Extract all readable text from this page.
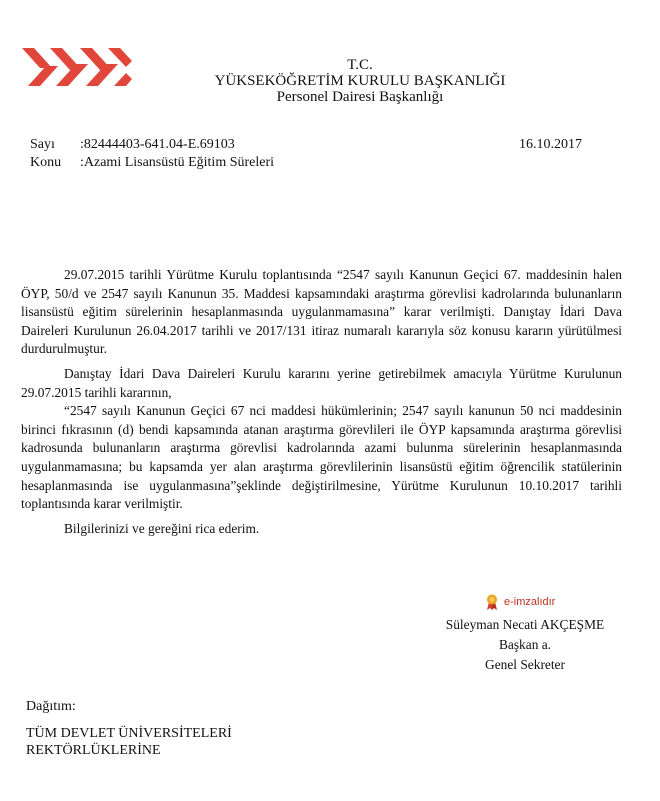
T.C.
YÜKSEKÖĞRETİM KURULU BAŞKANLIĞI
Personel Dairesi Başkanlığı
Sayı :82444403-641.04-E.69103
Konu :Azami Lisansüstü Eğitim Süreleri
16.10.2017

29.07.2015 tarihli Yürütme Kurulu toplantısında “2547 sayılı Kanunun Geçici 67. maddesinin halen ÖYP, 50/d ve 2547 sayılı Kanunun 35. Maddesi kapsamındaki araştırma görevlisi kadrolarında bulunanların lisansüstü eğitim sürelerinin hesaplanmasında uygulanmamasına” karar verilmişti. Danıştay İdari Dava Daireleri Kurulunun 26.04.2017 tarihli ve 2017/131 itiraz numaralı kararıyla söz konusu kararın yürütülmesi durdurulmuştur.

Danıştay İdari Dava Daireleri Kurulu kararını yerine getirebilmek amacıyla Yürütme Kurulunun 29.07.2015 tarihli kararının,

“2547 sayılı Kanunun Geçici 67 nci maddesi hükümlerinin; 2547 sayılı kanunun 50 nci maddesinin birinci fıkrasının (d) bendi kapsamında atanan araştırma görevlileri ile ÖYP kapsamında araştırma görevlisi kadrosunda bulunanların araştırma görevlisi kadrolarında azami bulunma sürelerinin hesaplanmasında uygulanmamasına; bu kapsamda yer alan araştırma görevlilerinin lisansüstü eğitim öğrencilik statülerinin hesaplanmasında ise uygulanmasına”şeklinde değiştirilmesine, Yürütme Kurulunun 10.10.2017 tarihli toplantısında karar verilmiştir.

Bilgilerinizi ve gereğini rica ederim.

e-imzalıdır
Süleyman Necati AKÇEŞME
Başkan a.
Genel Sekreter
Dağıtım:
TÜM DEVLET ÜNİVERSİTELERİ
REKTÖRLÜKLERİNE
